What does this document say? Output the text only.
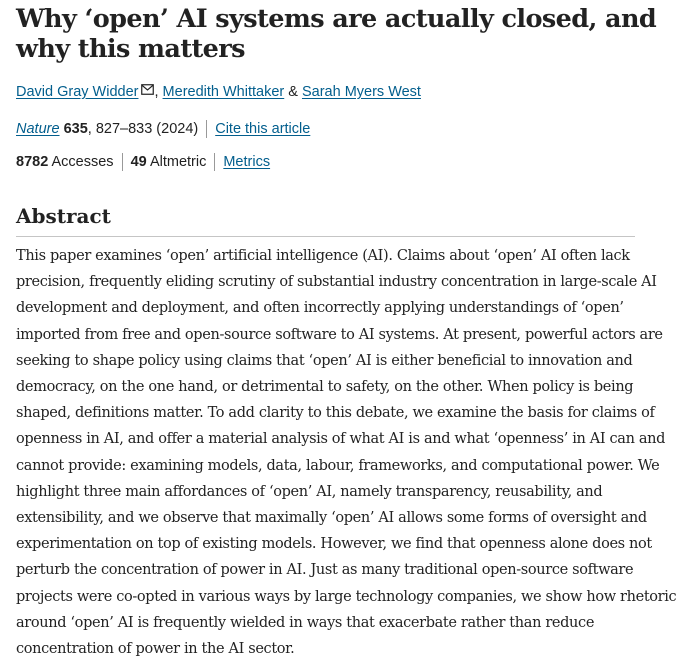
Why ‘open’ AI systems are actually closed, and why this matters

David Gray Widder , Meredith Whittaker & Sarah Myers West

Nature 635, 827–833 (2024) Cite this article

8782 Accesses 49 Altmetric Metrics

Abstract

This paper examines ‘open’ artificial intelligence (AI). Claims about ‘open’ AI often lack
precision, frequently eliding scrutiny of substantial industry concentration in large-scale AI
development and deployment, and often incorrectly applying understandings of ‘open’
imported from free and open-source software to AI systems. At present, powerful actors are
seeking to shape policy using claims that ‘open’ AI is either beneficial to innovation and
democracy, on the one hand, or detrimental to safety, on the other. When policy is being
shaped, definitions matter. To add clarity to this debate, we examine the basis for claims of
openness in AI, and offer a material analysis of what AI is and what ‘openness’ in AI can and
cannot provide: examining models, data, labour, frameworks, and computational power. We
highlight three main affordances of ‘open’ AI, namely transparency, reusability, and
extensibility, and we observe that maximally ‘open’ AI allows some forms of oversight and
experimentation on top of existing models. However, we find that openness alone does not
perturb the concentration of power in AI. Just as many traditional open-source software
projects were co-opted in various ways by large technology companies, we show how rhetoric
around ‘open’ AI is frequently wielded in ways that exacerbate rather than reduce
concentration of power in the AI sector.
